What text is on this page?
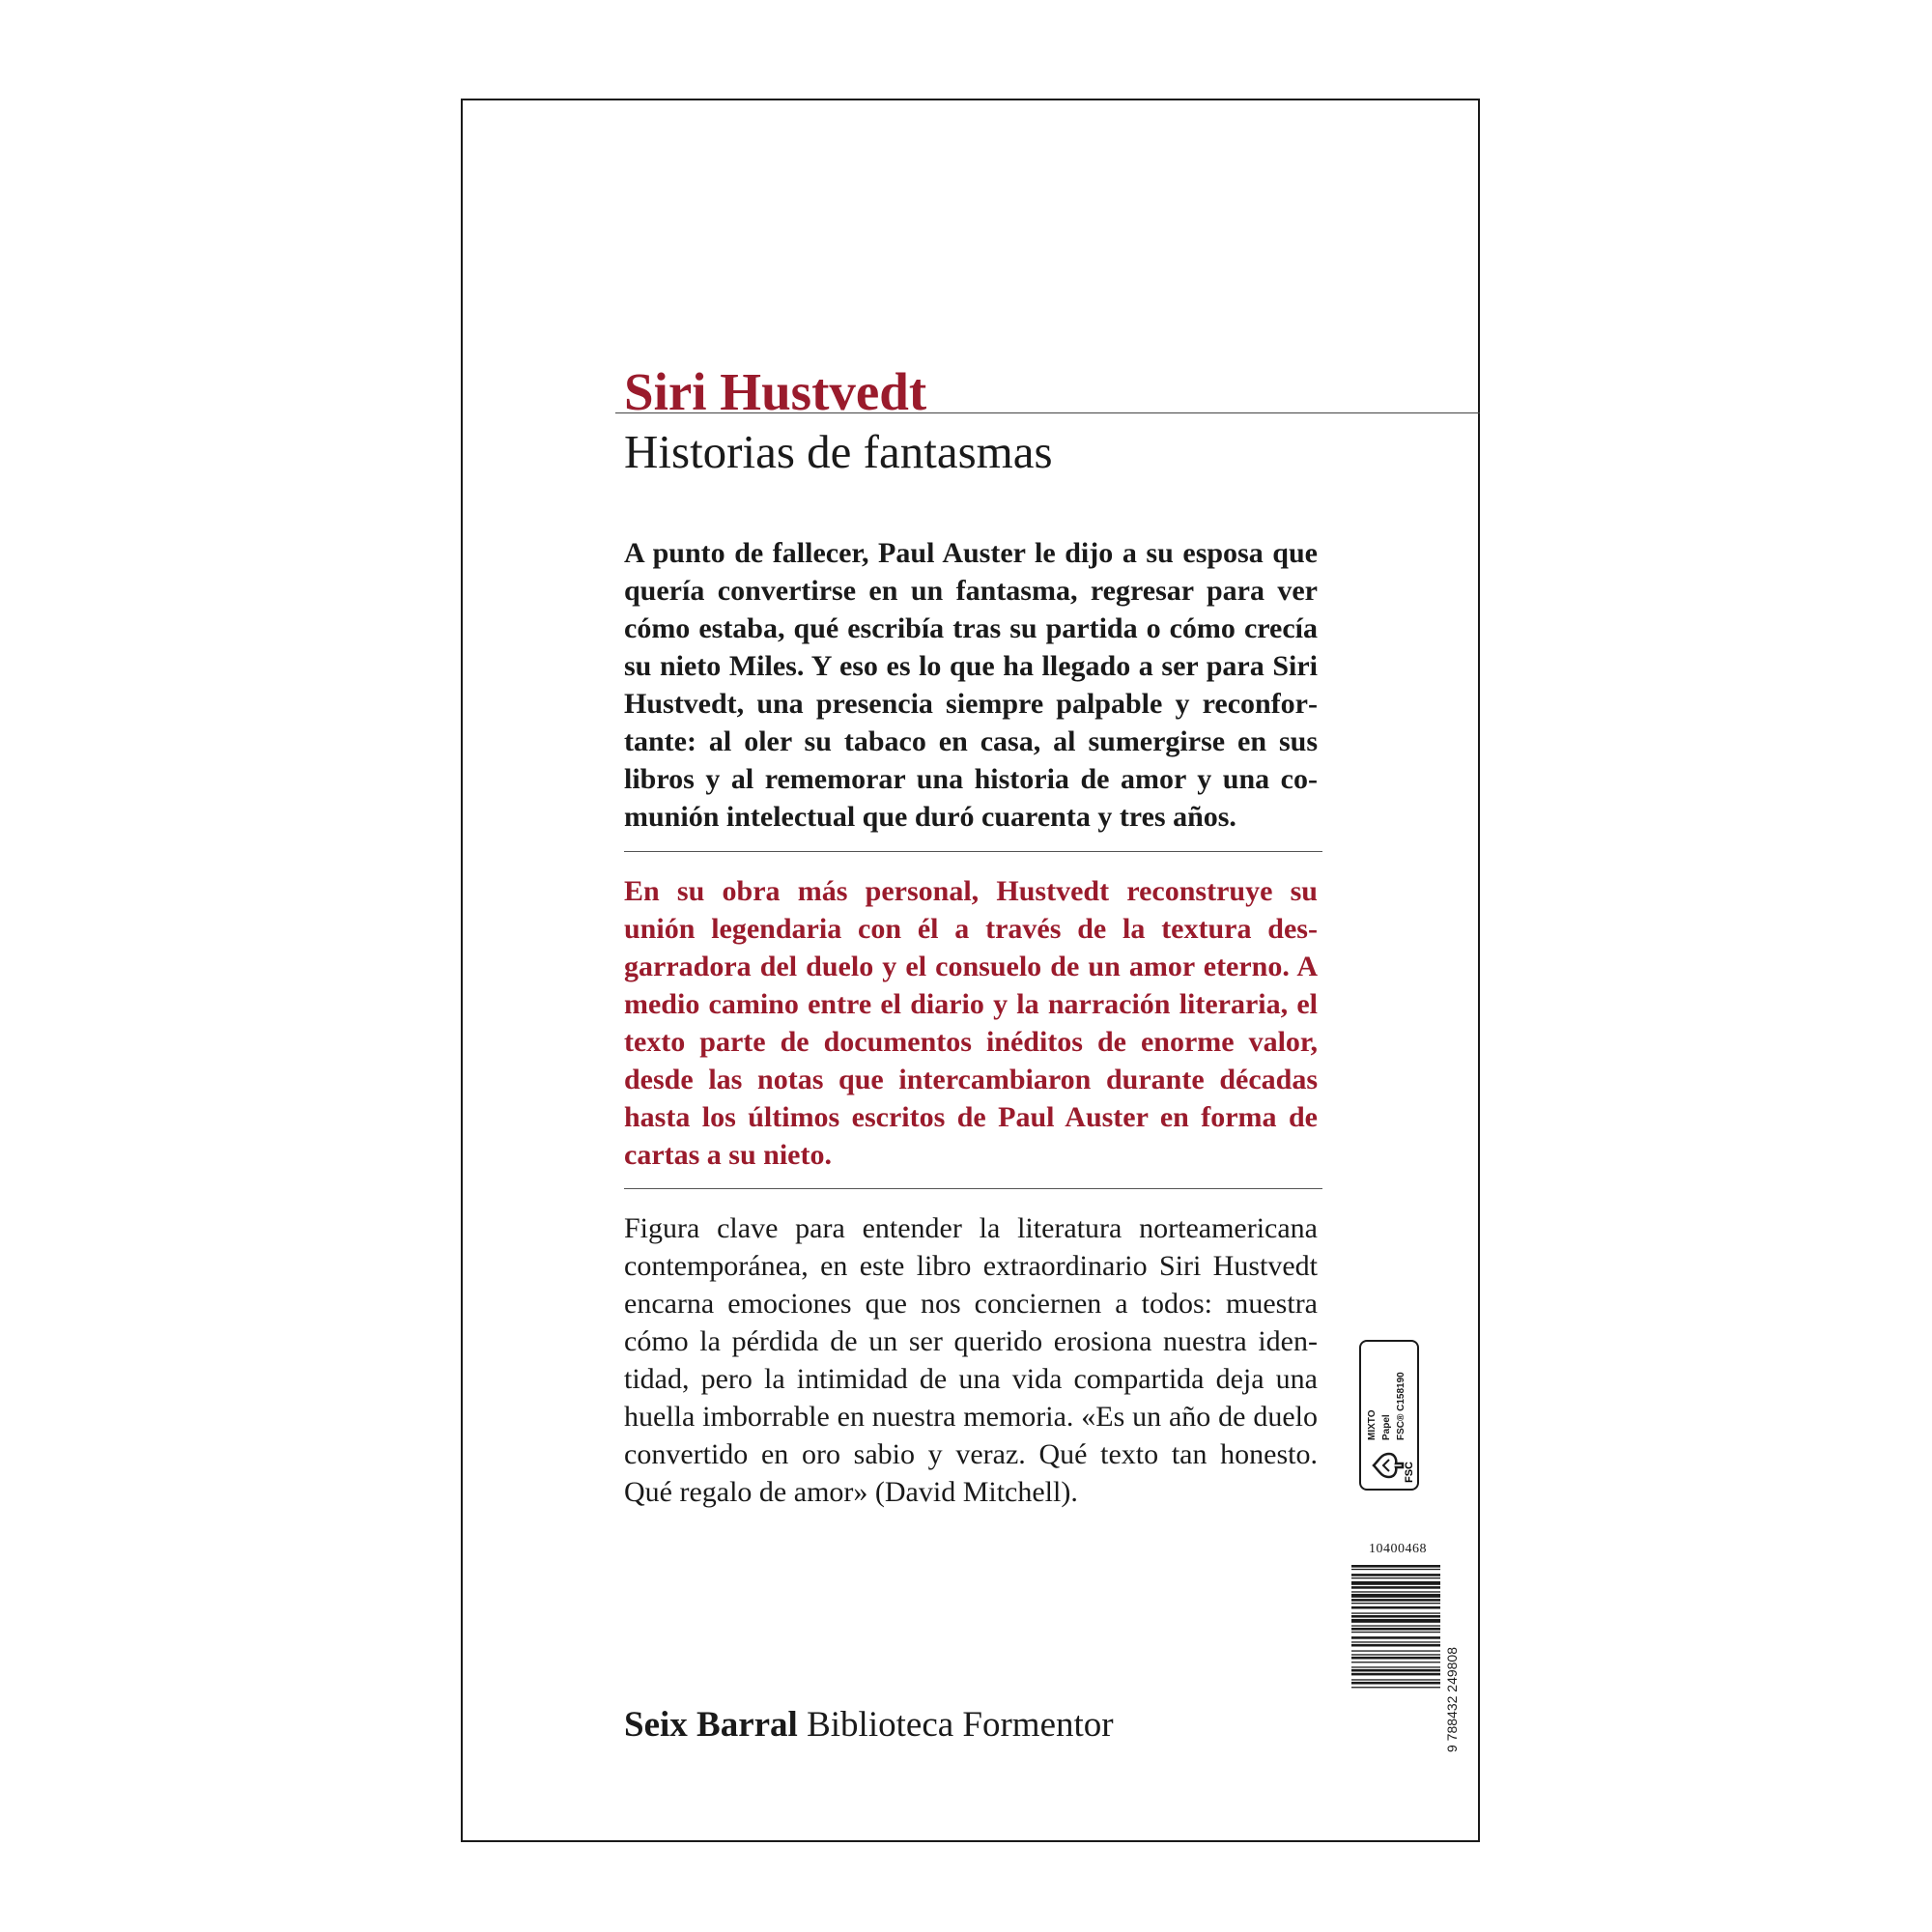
Siri Hustvedt
Historias de fantasmas

A punto de fallecer, Paul Auster le dijo a su esposa que quería convertirse en un fantasma, regresar para ver cómo estaba, qué escribía tras su partida o cómo crecía su nieto Miles. Y eso es lo que ha llegado a ser para Siri Hustvedt, una presencia siempre palpable y reconfortante: al oler su tabaco en casa, al sumergirse en sus libros y al rememorar una historia de amor y una comunión intelectual que duró cuarenta y tres años.

En su obra más personal, Hustvedt reconstruye su unión legendaria con él a través de la textura desgarradora del duelo y el consuelo de un amor eterno. A medio camino entre el diario y la narración literaria, el texto parte de documentos inéditos de enorme valor, desde las notas que intercambiaron durante décadas hasta los últimos escritos de Paul Auster en forma de cartas a su nieto.

Figura clave para entender la literatura norteamericana contemporánea, en este libro extraordinario Siri Hustvedt encarna emociones que nos conciernen a todos: muestra cómo la pérdida de un ser querido erosiona nuestra identidad, pero la intimidad de una vida compartida deja una huella imborrable en nuestra memoria. «Es un año de duelo convertido en oro sabio y veraz. Qué texto tan honesto. Qué regalo de amor» (David Mitchell).

FSC
MIXTO Papel FSC® C158190

10400468

9 788432 249808

Seix Barral Biblioteca Formentor
